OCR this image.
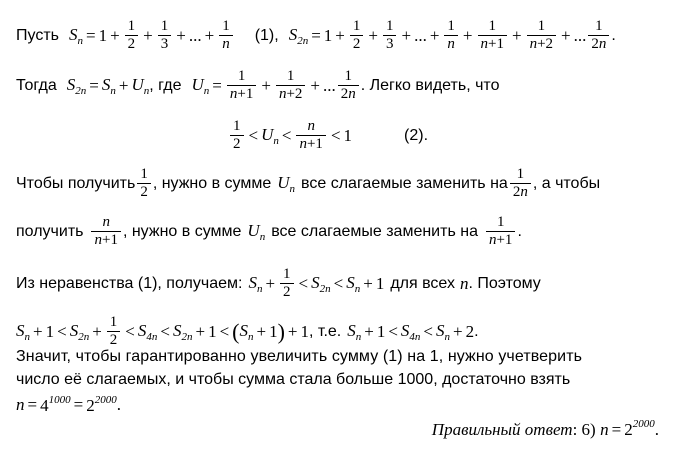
Пусть $S_n = 1 + \frac{1}{2} + \frac{1}{3}$ + ... + $\frac{1}{n} (1)$, $S_{2n} = 1 + \frac{1}{2} + \frac{1}{3}$ + ... + $\frac{1}{n} + \frac{1}{n+1} + \frac{1}{n+2}$ + ... $\frac{1}{2n}$ .
Тогда $S_{2n} = S_n + U_n$ , где $U_n = \frac{1}{n+1} + \frac{1}{n+2}$ + ... $\frac{1}{2n}$ . Легко видеть, что
$\frac{1}{2} < U_n < \frac{n}{n+1} < 1$	(2).
Чтобы получить $\frac{1}{2}$ , нужно в сумме $U_n$ все слагаемые заменить на $\frac{1}{2n}$ , а чтобы
получить $\frac{n}{n+1}$ , нужно в сумме $U_n$ все слагаемые заменить на $\frac{1}{n+1}$ .
Из неравенства (1), получаем: $S_n + \frac{1}{2} < S_{2n} < S_n + 1$ для всех n . Поэтому
$S_n + 1 < S_{2n} + \frac{1}{2} < S_{4n} < S_{2n} + 1$ < ( $S_n + 1$ ) + 1 , т.е. $S_n + 1 < S_{4n} < S_n + 2$ .
Значит, чтобы гарантированно увеличить сумму (1) на 1, нужно учетверить
число её слагаемых, и чтобы сумма стала больше 1000, достаточно взять
$n = 4^{1000} = 2^{2000}$ .
Правильный ответ: 6) $n = 2^{2000}$.
